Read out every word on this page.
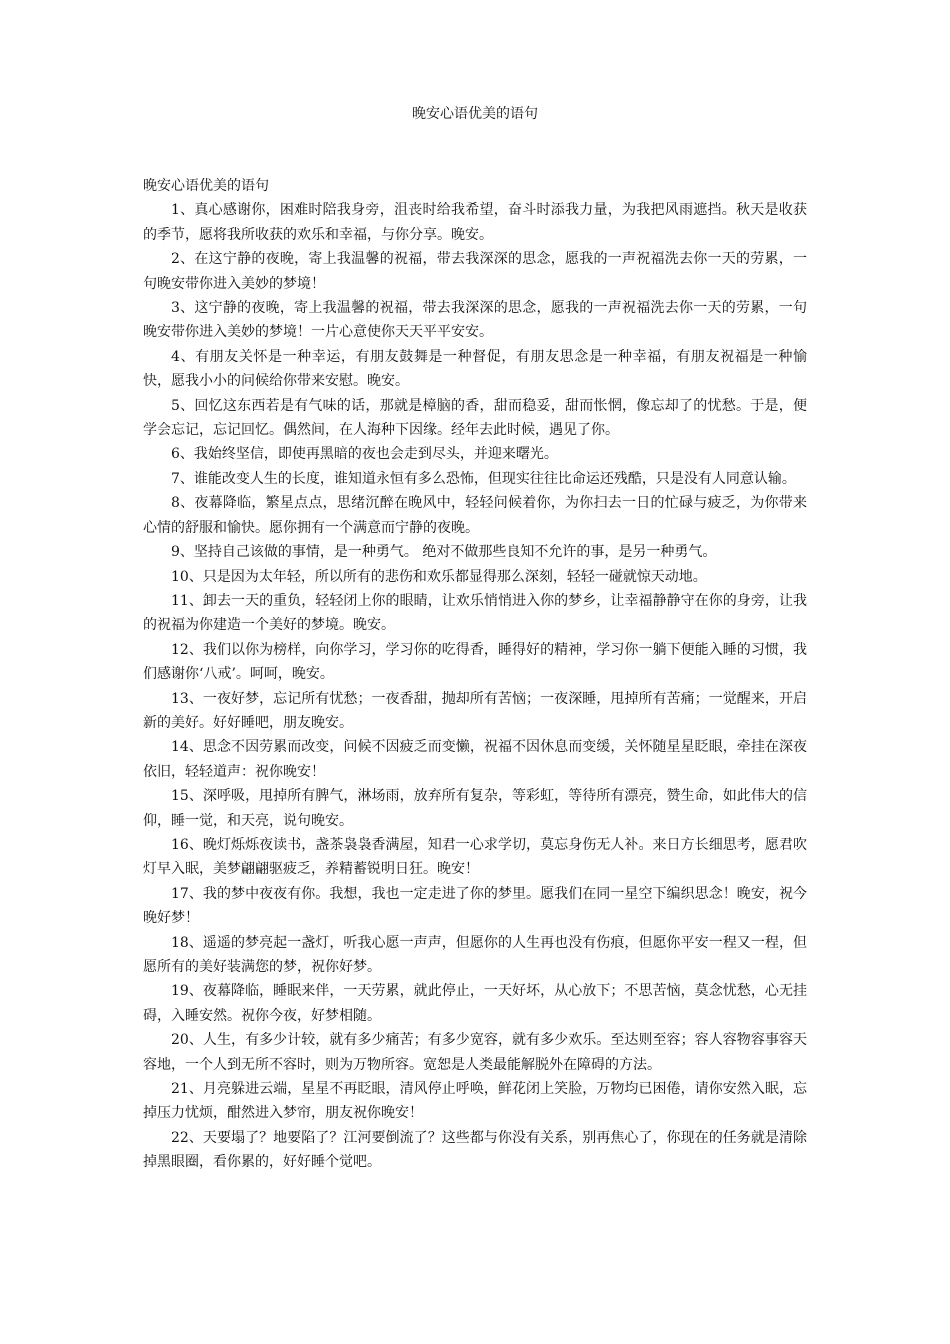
晚安心语优美的语句

晚安心语优美的语句

1、真心感谢你，困难时陪我身旁，沮丧时给我希望，奋斗时添我力量，为我把风雨遮挡。秋天是收获的季节，愿将我所收获的欢乐和幸福，与你分享。晚安。

2、在这宁静的夜晚，寄上我温馨的祝福，带去我深深的思念，愿我的一声祝福洗去你一天的劳累，一句晚安带你进入美妙的梦境！

3、这宁静的夜晚，寄上我温馨的祝福，带去我深深的思念，愿我的一声祝福洗去你一天的劳累，一句晚安带你进入美妙的梦境！一片心意使你天天平平安安。

4、有朋友关怀是一种幸运，有朋友鼓舞是一种督促，有朋友思念是一种幸福，有朋友祝福是一种愉快，愿我小小的问候给你带来安慰。晚安。

5、回忆这东西若是有气味的话，那就是樟脑的香，甜而稳妥，甜而怅惘，像忘却了的忧愁。于是，便学会忘记，忘记回忆。偶然间，在人海种下因缘。经年去此时候，遇见了你。

6、我始终坚信，即使再黑暗的夜也会走到尽头，并迎来曙光。

7、谁能改变人生的长度，谁知道永恒有多么恐怖，但现实往往比命运还残酷，只是没有人同意认输。

8、夜幕降临，繁星点点，思绪沉醉在晚风中，轻轻问候着你，为你扫去一日的忙碌与疲乏，为你带来心情的舒服和愉快。愿你拥有一个满意而宁静的夜晚。

9、坚持自己该做的事情，是一种勇气。 绝对不做那些良知不允许的事，是另一种勇气。

10、只是因为太年轻，所以所有的悲伤和欢乐都显得那么深刻，轻轻一碰就惊天动地。

11、卸去一天的重负，轻轻闭上你的眼睛，让欢乐悄悄进入你的梦乡，让幸福静静守在你的身旁，让我的祝福为你建造一个美好的梦境。晚安。

12、我们以你为榜样，向你学习，学习你的吃得香，睡得好的精神，学习你一躺下便能入睡的习惯，我们感谢你‘八戒’。呵呵，晚安。

13、一夜好梦，忘记所有忧愁；一夜香甜，抛却所有苦恼；一夜深睡，甩掉所有苦痛；一觉醒来，开启新的美好。好好睡吧，朋友晚安。

14、思念不因劳累而改变，问候不因疲乏而变懒，祝福不因休息而变缓，关怀随星星眨眼，牵挂在深夜依旧，轻轻道声：祝你晚安！

15、深呼吸，甩掉所有脾气，淋场雨，放弃所有复杂，等彩虹，等待所有漂亮，赞生命，如此伟大的信仰，睡一觉，和天亮，说句晚安。

16、晚灯烁烁夜读书，盏茶袅袅香满屋，知君一心求学切，莫忘身伤无人补。来日方长细思考，愿君吹灯早入眠，美梦翩翩驱疲乏，养精蓄锐明日狂。晚安！

17、我的梦中夜夜有你。我想，我也一定走进了你的梦里。愿我们在同一星空下编织思念！晚安，祝今晚好梦！

18、遥遥的梦亮起一盏灯，听我心愿一声声，但愿你的人生再也没有伤痕，但愿你平安一程又一程，但愿所有的美好装满您的梦，祝你好梦。

19、夜幕降临，睡眠来伴，一天劳累，就此停止，一天好坏，从心放下；不思苦恼，莫念忧愁，心无挂碍，入睡安然。祝你今夜，好梦相随。

20、人生，有多少计较，就有多少痛苦；有多少宽容，就有多少欢乐。至达则至容；容人容物容事容天容地，一个人到无所不容时，则为万物所容。宽恕是人类最能解脱外在障碍的方法。

21、月亮躲进云端，星星不再眨眼，清风停止呼唤，鲜花闭上笑脸，万物均已困倦，请你安然入眠，忘掉压力忧烦，酣然进入梦帘，朋友祝你晚安！

22、天要塌了？地要陷了？江河要倒流了？这些都与你没有关系，别再焦心了，你现在的任务就是清除掉黑眼圈，看你累的，好好睡个觉吧。
